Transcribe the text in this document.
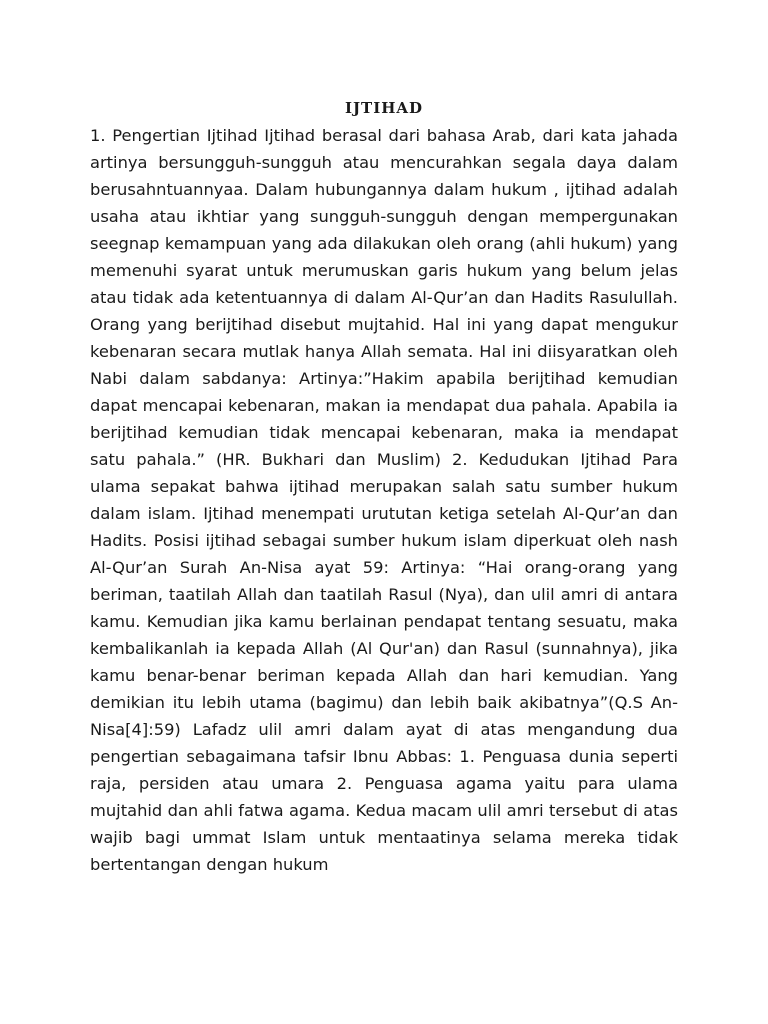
IJTIHAD

1. Pengertian Ijtihad Ijtihad berasal dari bahasa Arab, dari kata jahada artinya bersungguh-sungguh atau mencurahkan segala daya dalam berusahntuannyaa. Dalam hubungannya dalam hukum , ijtihad adalah usaha atau ikhtiar yang sungguh-sungguh dengan mempergunakan seegnap kemampuan yang ada dilakukan oleh orang (ahli hukum) yang memenuhi syarat untuk merumuskan garis hukum yang belum jelas atau tidak ada ketentuannya di dalam Al-Qur’an dan Hadits Rasulullah. Orang yang berijtihad disebut mujtahid. Hal ini yang dapat mengukur kebenaran secara mutlak hanya Allah semata. Hal ini diisyaratkan oleh Nabi dalam sabdanya: Artinya:”Hakim apabila berijtihad kemudian dapat mencapai kebenaran, makan ia mendapat dua pahala. Apabila ia berijtihad kemudian tidak mencapai kebenaran, maka ia mendapat satu pahala.” (HR. Bukhari dan Muslim) 2. Kedudukan Ijtihad Para ulama sepakat bahwa ijtihad merupakan salah satu sumber hukum dalam islam. Ijtihad menempati urututan ketiga setelah Al-Qur’an dan Hadits. Posisi ijtihad sebagai sumber hukum islam diperkuat oleh nash Al-Qur’an Surah An-Nisa ayat 59: Artinya: “Hai orang-orang yang beriman, taatilah Allah dan taatilah Rasul (Nya), dan ulil amri di antara kamu. Kemudian jika kamu berlainan pendapat tentang sesuatu, maka kembalikanlah ia kepada Allah (Al Qur'an) dan Rasul (sunnahnya), jika kamu benar-benar beriman kepada Allah dan hari kemudian. Yang demikian itu lebih utama (bagimu) dan lebih baik akibatnya”(Q.S An-Nisa[4]:59) Lafadz ulil amri dalam ayat di atas mengandung dua pengertian sebagaimana tafsir Ibnu Abbas: 1. Penguasa dunia seperti raja, persiden atau umara 2. Penguasa agama yaitu para ulama mujtahid dan ahli fatwa agama. Kedua macam ulil amri tersebut di atas wajib bagi ummat Islam untuk mentaatinya selama mereka tidak bertentangan dengan hukum
